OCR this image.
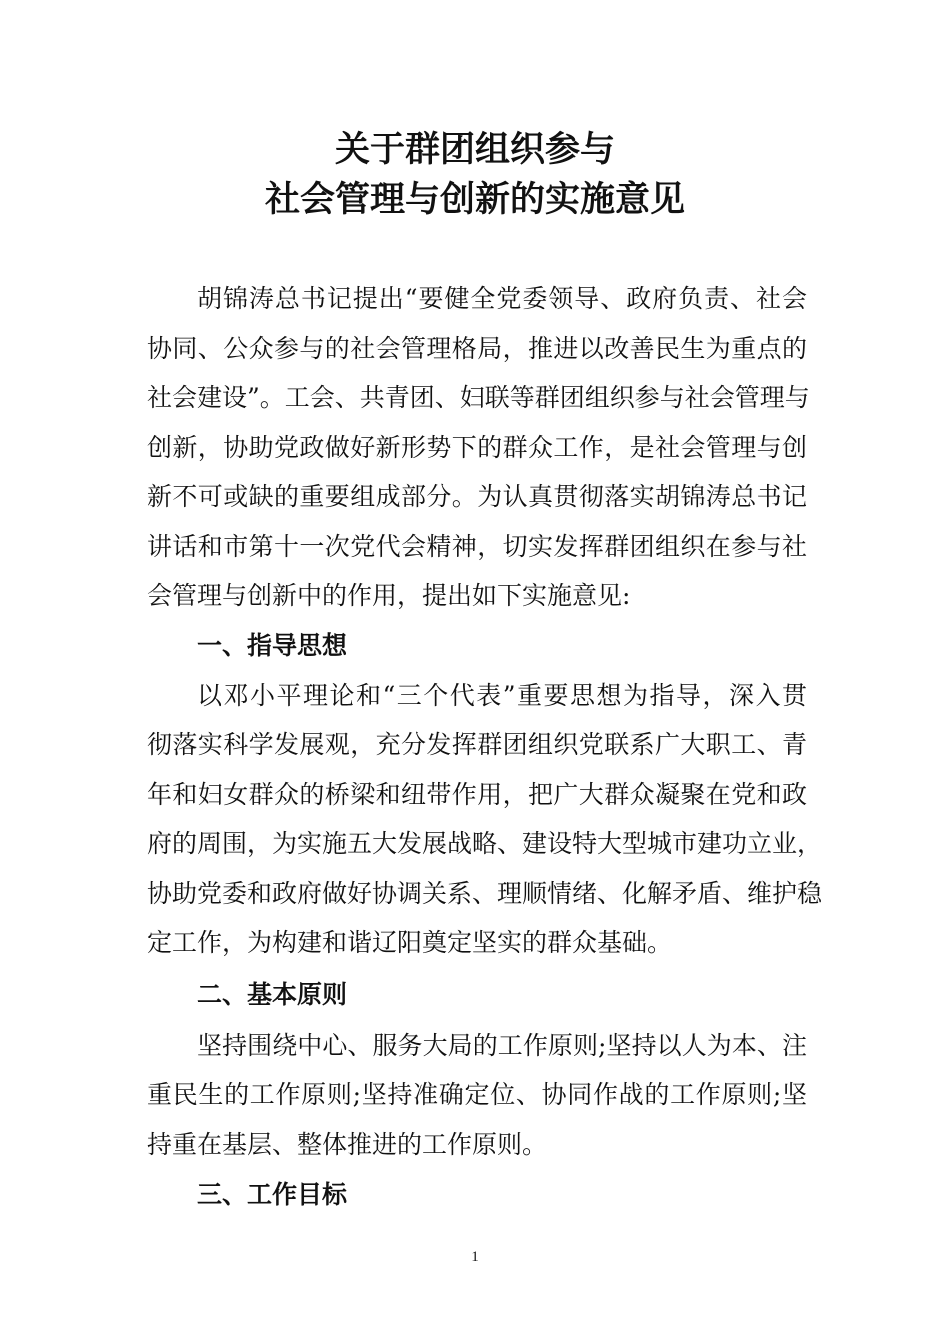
关于群团组织参与
社会管理与创新的实施意见
胡锦涛总书记提出“要健全党委领导、政府负责、社会
协同、公众参与的社会管理格局，推进以改善民生为重点的
社会建设”。工会、共青团、妇联等群团组织参与社会管理与
创新，协助党政做好新形势下的群众工作，是社会管理与创
新不可或缺的重要组成部分。为认真贯彻落实胡锦涛总书记
讲话和市第十一次党代会精神，切实发挥群团组织在参与社
会管理与创新中的作用，提出如下实施意见:
一、指导思想
以邓小平理论和“三个代表”重要思想为指导，深入贯
彻落实科学发展观，充分发挥群团组织党联系广大职工、青
年和妇女群众的桥梁和纽带作用，把广大群众凝聚在党和政
府的周围，为实施五大发展战略、建设特大型城市建功立业，
协助党委和政府做好协调关系、理顺情绪、化解矛盾、维护稳
定工作，为构建和谐辽阳奠定坚实的群众基础。
二、基本原则
坚持围绕中心、服务大局的工作原则;坚持以人为本、注
重民生的工作原则;坚持准确定位、协同作战的工作原则;坚
持重在基层、整体推进的工作原则。
三、工作目标
1
